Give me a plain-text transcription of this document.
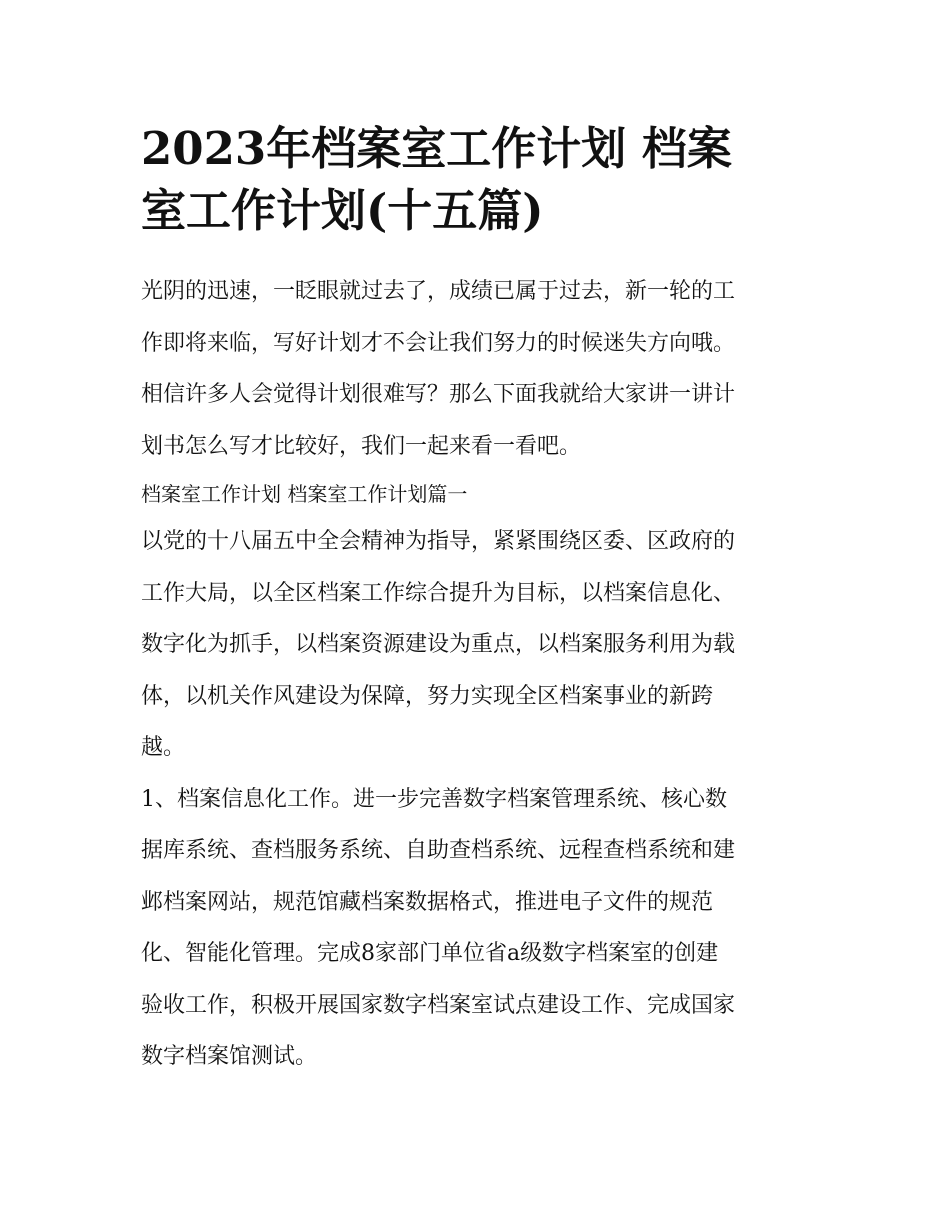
2023年档案室工作计划 档案
室工作计划(十五篇)

光阴的迅速，一眨眼就过去了，成绩已属于过去，新一轮的工
作即将来临，写好计划才不会让我们努力的时候迷失方向哦。
相信许多人会觉得计划很难写？那么下面我就给大家讲一讲计
划书怎么写才比较好，我们一起来看一看吧。

档案室工作计划 档案室工作计划篇一

以党的十八届五中全会精神为指导，紧紧围绕区委、区政府的
工作大局，以全区档案工作综合提升为目标，以档案信息化、
数字化为抓手，以档案资源建设为重点，以档案服务利用为载
体，以机关作风建设为保障，努力实现全区档案事业的新跨
越。

1、档案信息化工作。进一步完善数字档案管理系统、核心数
据库系统、查档服务系统、自助查档系统、远程查档系统和建
邺档案网站，规范馆藏档案数据格式，推进电子文件的规范
化、智能化管理。完成8家部门单位省a级数字档案室的创建
验收工作，积极开展国家数字档案室试点建设工作、完成国家
数字档案馆测试。
